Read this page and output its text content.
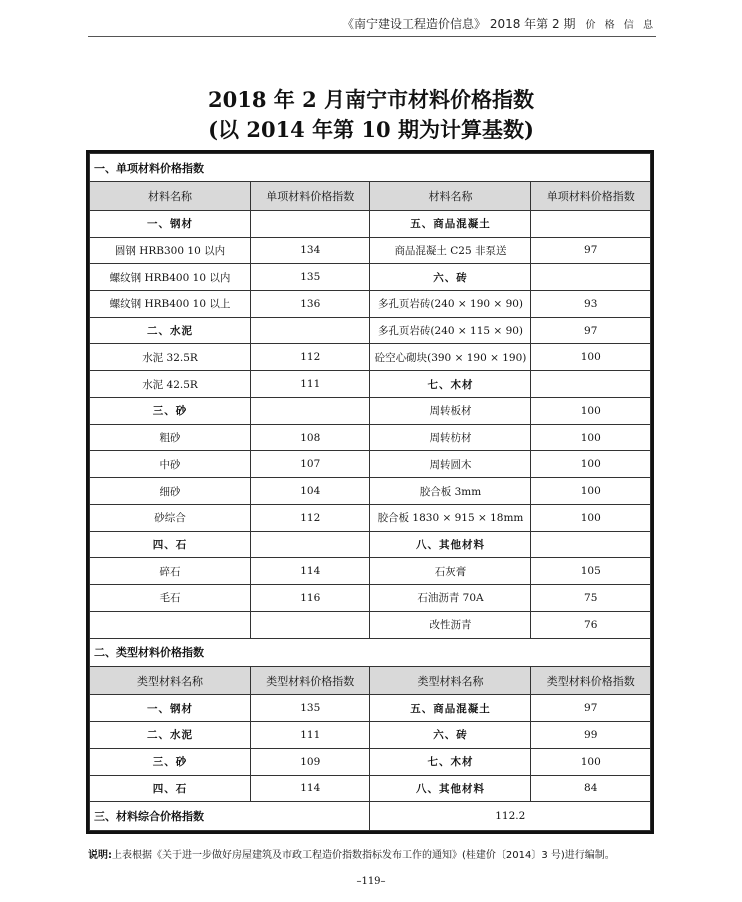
《南宁建设工程造价信息》 2018 年第 2 期 价 格 信 息
2018 年 2 月南宁市材料价格指数
(以 2014 年第 10 期为计算基数)
一、单项材料价格指数			
材料名称	单项材料价格指数	材料名称	单项材料价格指数
一、钢材		五、商品混凝土	
圆钢 HRB300 10 以内	134	商品混凝土 C25 非泵送	97
螺纹钢 HRB400 10 以内	135	六、砖	
螺纹钢 HRB400 10 以上	136	多孔页岩砖(240 × 190 × 90)	93
二、水泥		多孔页岩砖(240 × 115 × 90)	97
水泥 32.5R	112	砼空心砌块(390 × 190 × 190)	100
水泥 42.5R	111	七、木材	
三、砂		周转板材	100
粗砂	108	周转枋材	100
中砂	107	周转圆木	100
细砂	104	胶合板 3mm	100
砂综合	112	胶合板 1830 × 915 × 18mm	100
四、石		八、其他材料	
碎石	114	石灰膏	105
毛石	116	石油沥青 70A	75
		改性沥青	76
二、类型材料价格指数			
类型材料名称	类型材料价格指数	类型材料名称	类型材料价格指数
一、钢材	135	五、商品混凝土	97
二、水泥	111	六、砖	99
三、砂	109	七、木材	100
四、石	114	八、其他材料	84
三、材料综合价格指数		112.2	
说明:上表根据《关于进一步做好房屋建筑及市政工程造价指数指标发布工作的通知》(桂建价〔2014〕3 号)进行编制。
–119–
